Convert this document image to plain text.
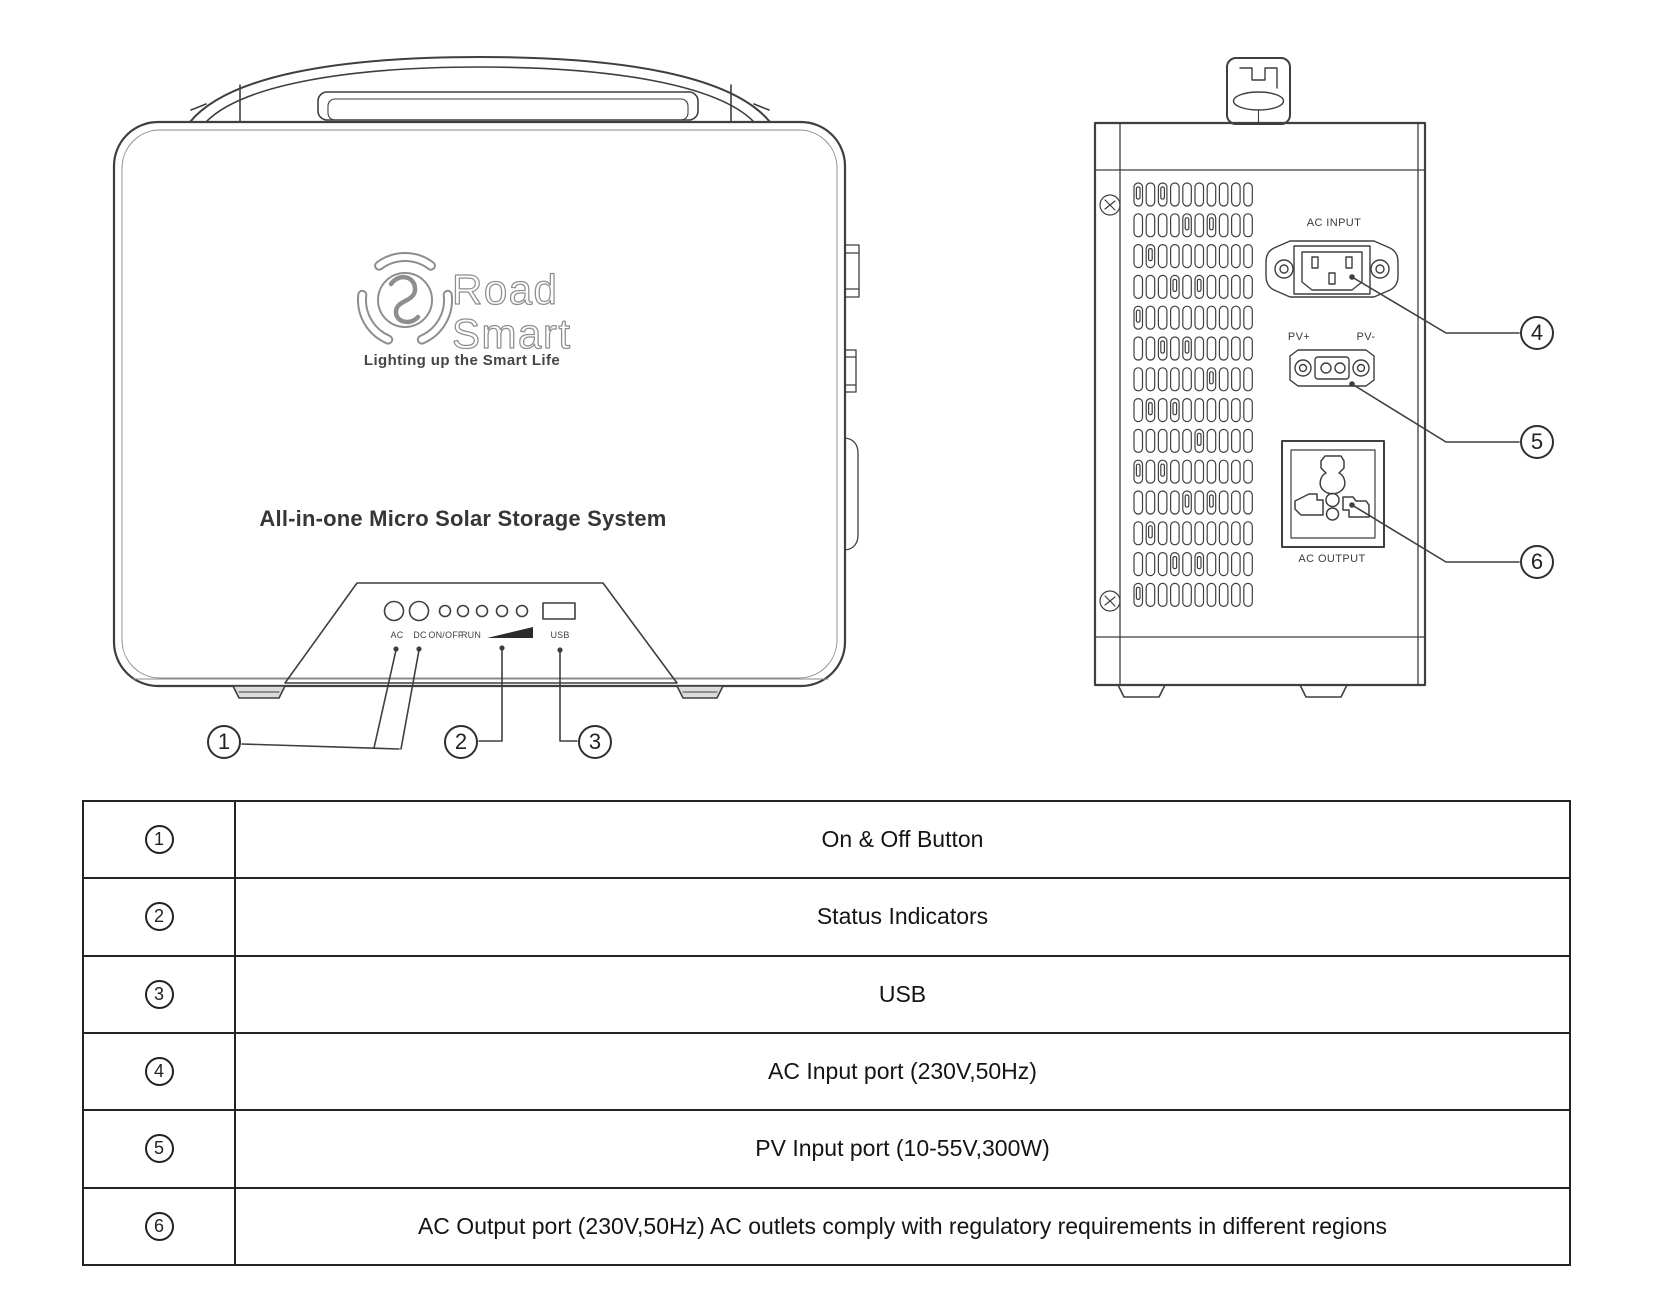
Road
Smart
Lighting up the Smart Life
All-in-one Micro Solar Storage System
AC DC ON/OFF
RUN	USB
AC INPUT
PV+	PV-
AC OUTPUT
1	2	3
4
5
6
1	On & Off Button
2	Status Indicators
3	USB
4	AC Input port (230V,50Hz)
5	PV Input port (10-55V,300W)
6	AC Output port (230V,50Hz) AC outlets comply with regulatory requirements in different regions
